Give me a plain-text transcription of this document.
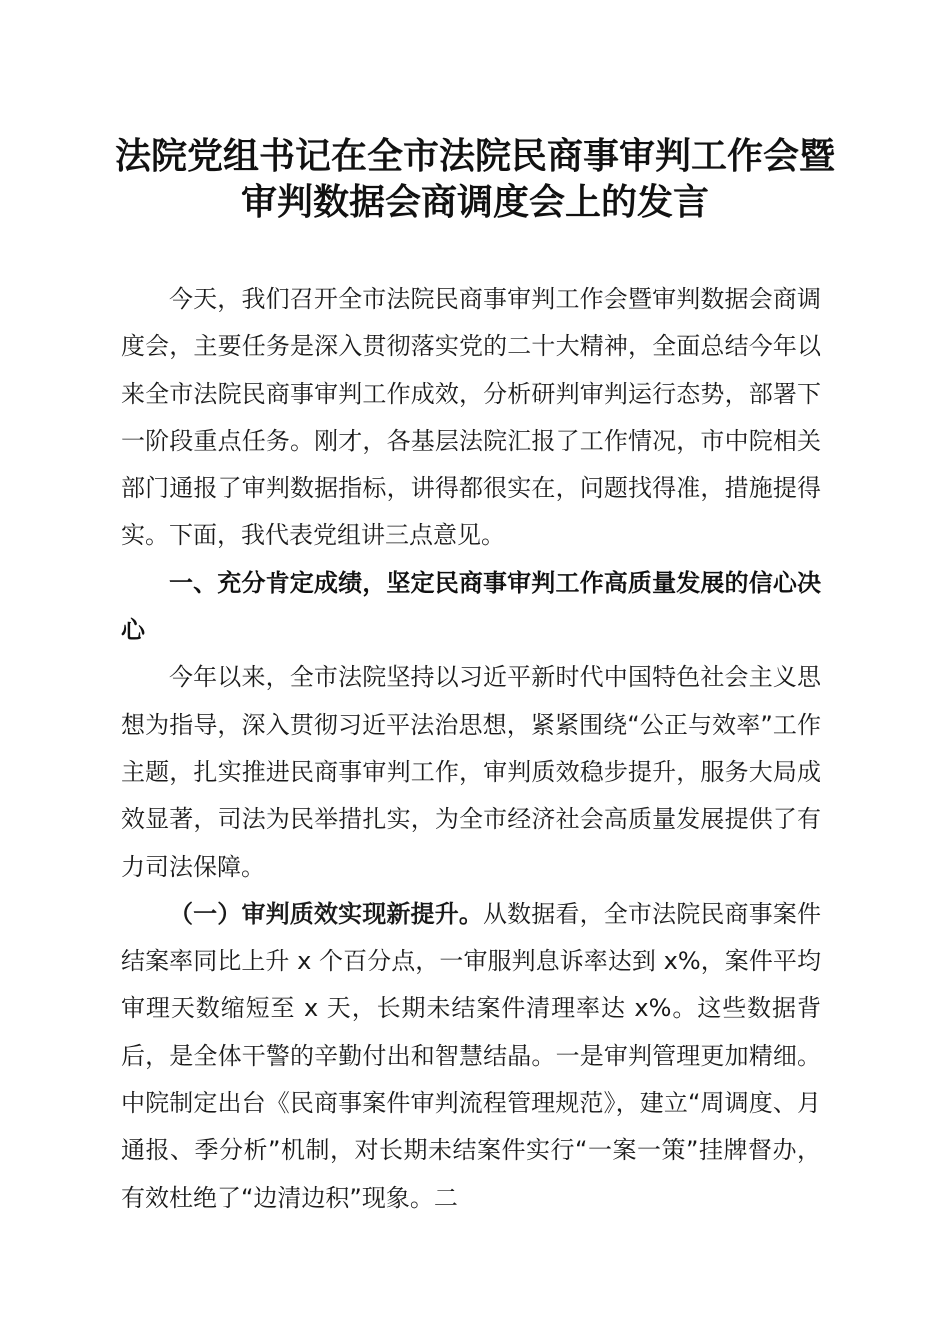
法院党组书记在全市法院民商事审判工作会暨
审判数据会商调度会上的发言

今天，我们召开全市法院民商事审判工作会暨审判数据会商调度会，主要任务是深入贯彻落实党的二十大精神，全面总结今年以来全市法院民商事审判工作成效，分析研判审判运行态势，部署下一阶段重点任务。刚才，各基层法院汇报了工作情况，市中院相关部门通报了审判数据指标，讲得都很实在，问题找得准，措施提得实。下面，我代表党组讲三点意见。

一、充分肯定成绩，坚定民商事审判工作高质量发展的信心决心

今年以来，全市法院坚持以习近平新时代中国特色社会主义思想为指导，深入贯彻习近平法治思想，紧紧围绕“公正与效率”工作主题，扎实推进民商事审判工作，审判质效稳步提升，服务大局成效显著，司法为民举措扎实，为全市经济社会高质量发展提供了有力司法保障。

（一）审判质效实现新提升。从数据看，全市法院民商事案件结案率同比上升 x 个百分点，一审服判息诉率达到 x%，案件平均审理天数缩短至 x 天，长期未结案件清理率达 x%。这些数据背后，是全体干警的辛勤付出和智慧结晶。一是审判管理更加精细。中院制定出台《民商事案件审判流程管理规范》，建立“周调度、月通报、季分析”机制，对长期未结案件实行“一案一策”挂牌督办，有效杜绝了“边清边积”现象。二
